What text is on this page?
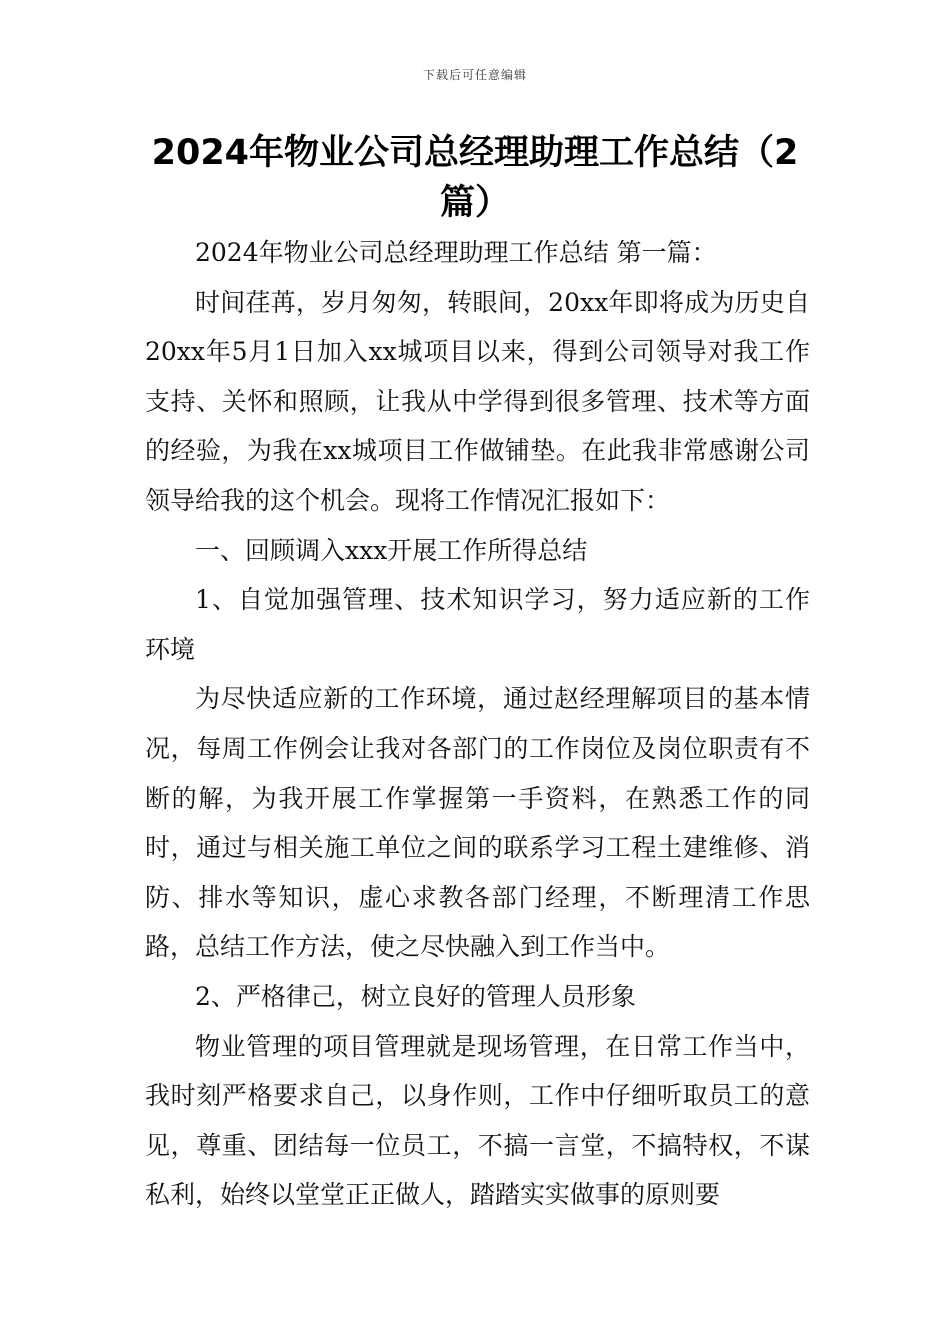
下载后可任意编辑
2024年物业公司总经理助理工作总结（2篇）

2024年物业公司总经理助理工作总结 第一篇：

时间荏苒，岁月匆匆，转眼间，20xx年即将成为历史自20xx年5月1日加入xx城项目以来，得到公司领导对我工作支持、关怀和照顾，让我从中学得到很多管理、技术等方面的经验，为我在xx城项目工作做铺垫。在此我非常感谢公司领导给我的这个机会。现将工作情况汇报如下：

一、回顾调入xxx开展工作所得总结

1、自觉加强管理、技术知识学习，努力适应新的工作环境

为尽快适应新的工作环境，通过赵经理解项目的基本情况，每周工作例会让我对各部门的工作岗位及岗位职责有不断的解，为我开展工作掌握第一手资料，在熟悉工作的同时，通过与相关施工单位之间的联系学习工程土建维修、消防、排水等知识，虚心求教各部门经理，不断理清工作思路，总结工作方法，使之尽快融入到工作当中。

2、严格律己，树立良好的管理人员形象

物业管理的项目管理就是现场管理，在日常工作当中，我时刻严格要求自己，以身作则，工作中仔细听取员工的意见，尊重、团结每一位员工，不搞一言堂，不搞特权，不谋私利，始终以堂堂正正做人，踏踏实实做事的原则要
